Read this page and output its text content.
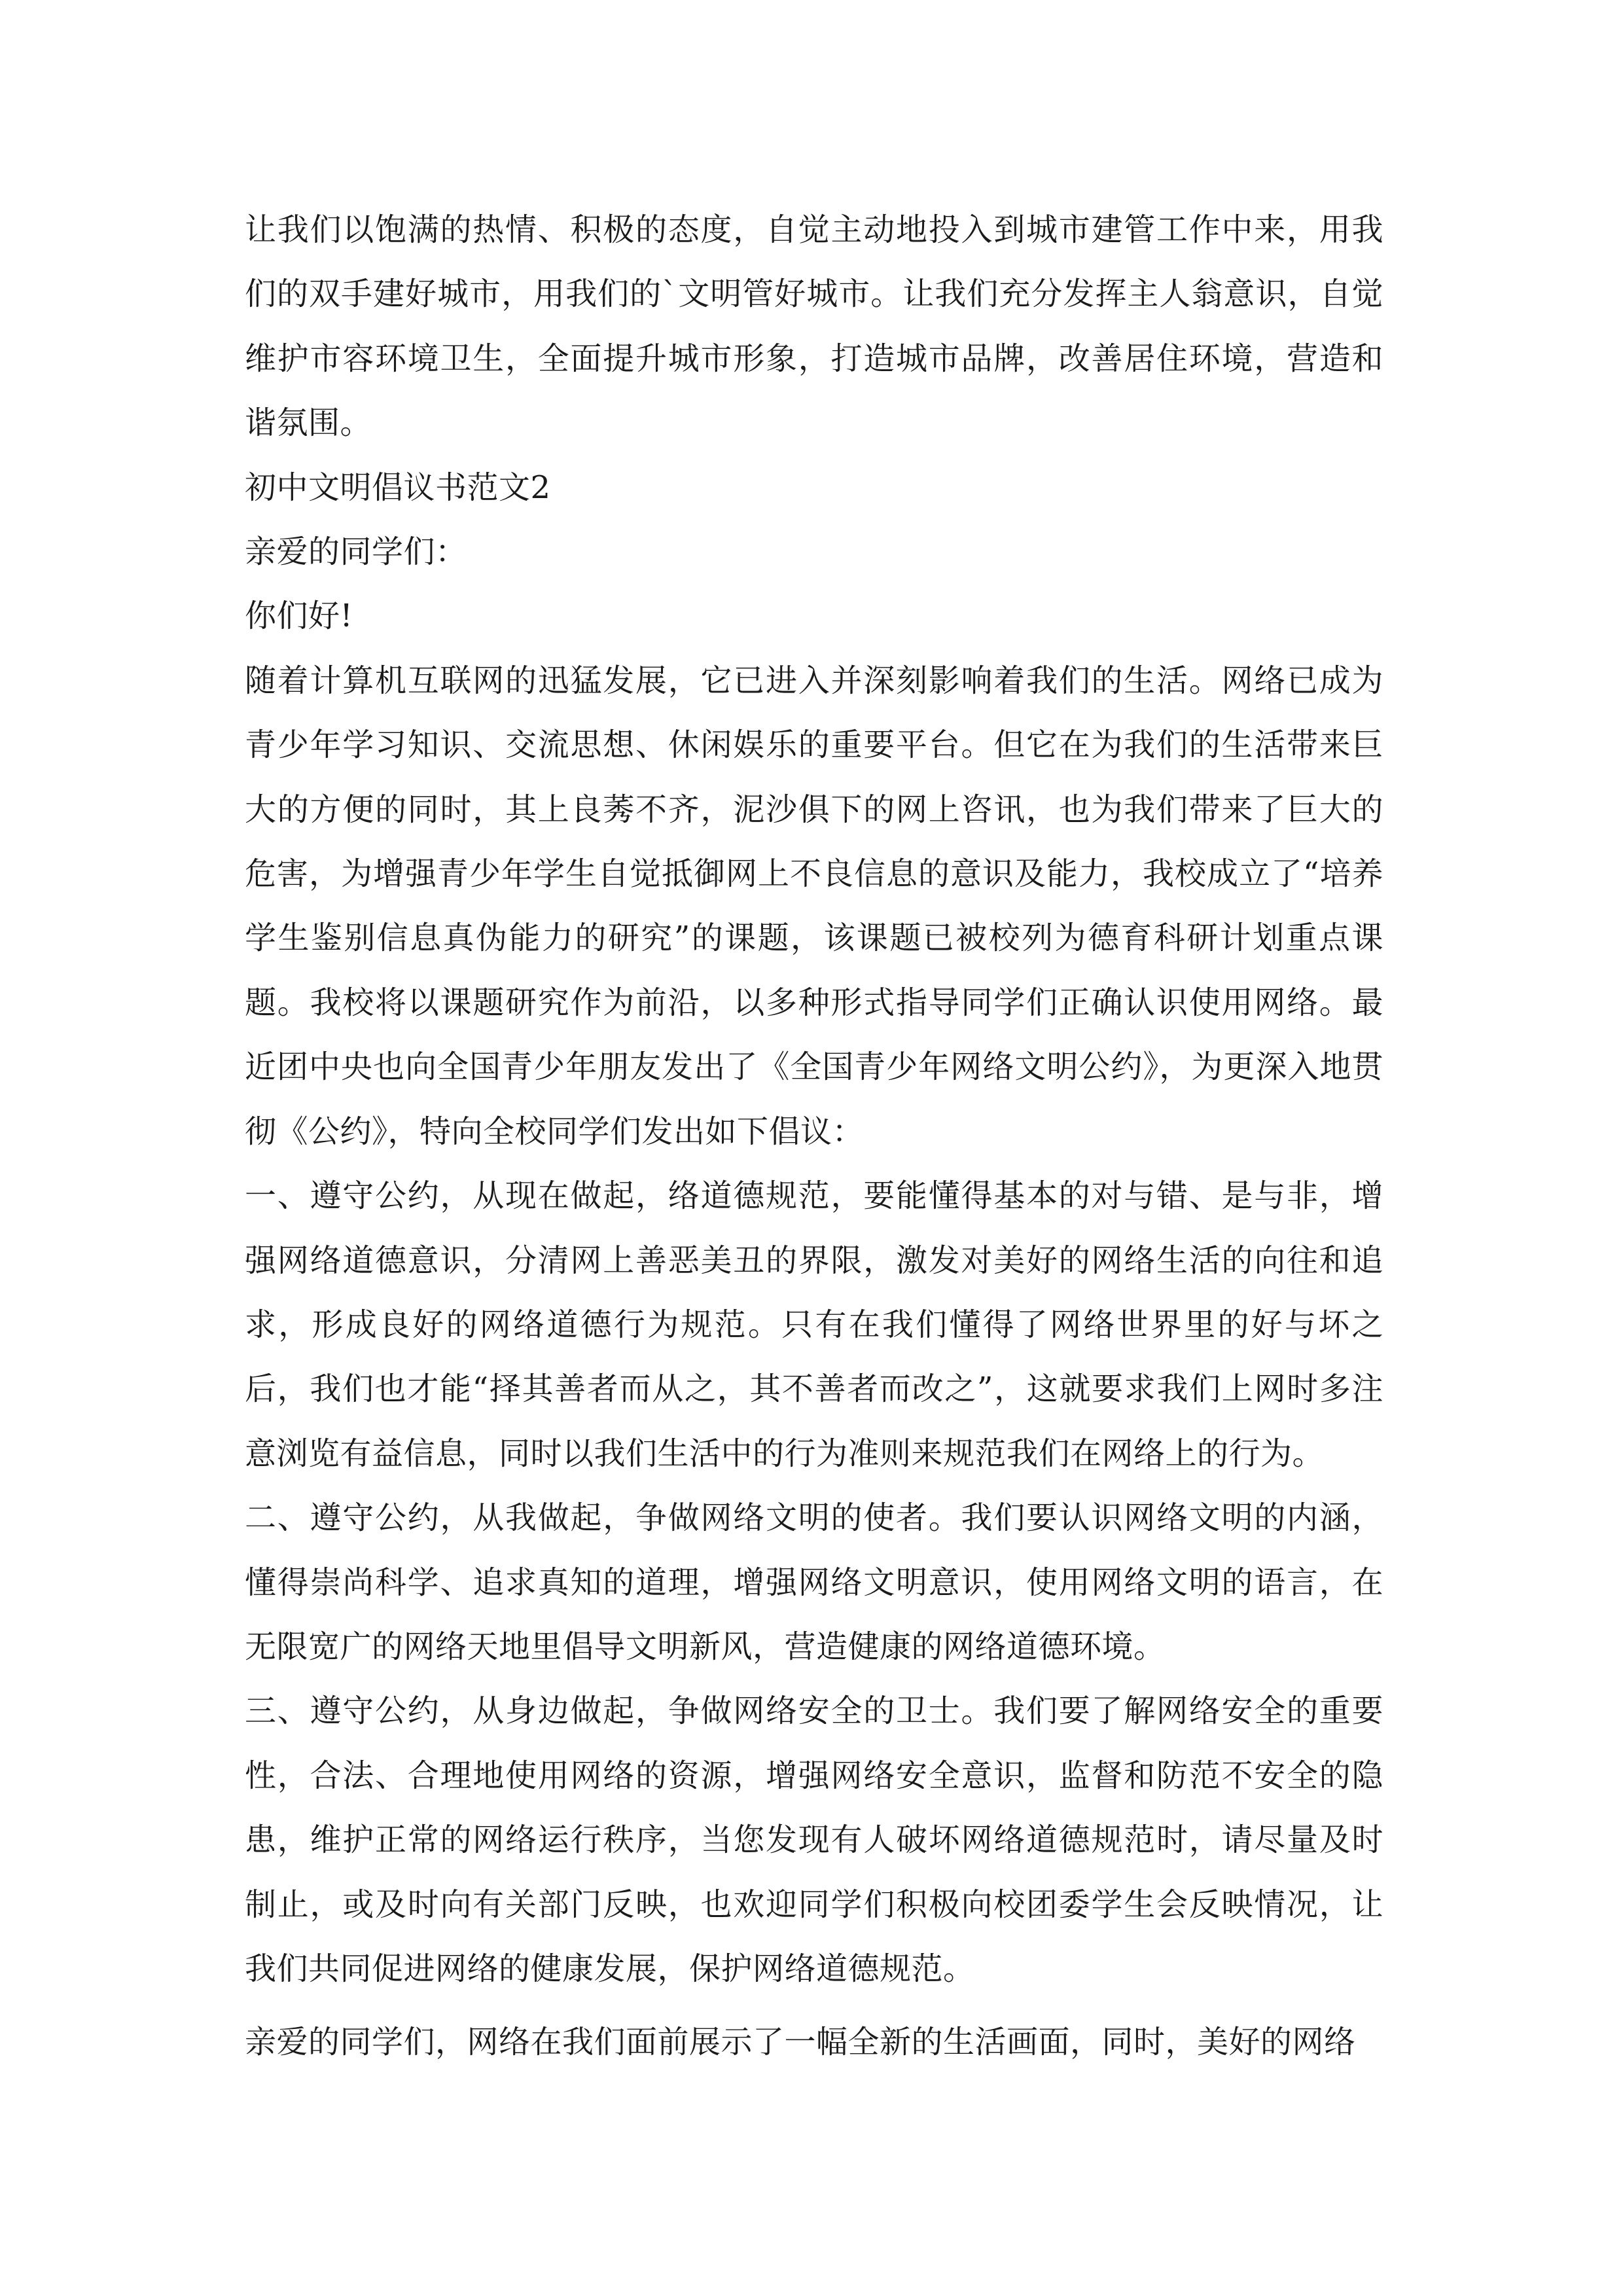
让我们以饱满的热情、积极的态度，自觉主动地投入到城市建管工作中来，用我们的双手建好城市，用我们的`文明管好城市。让我们充分发挥主人翁意识，自觉维护市容环境卫生，全面提升城市形象，打造城市品牌，改善居住环境，营造和谐氛围。

初中文明倡议书范文2

亲爱的同学们：

你们好!

随着计算机互联网的迅猛发展，它已进入并深刻影响着我们的生活。网络已成为青少年学习知识、交流思想、休闲娱乐的重要平台。但它在为我们的生活带来巨大的方便的同时，其上良莠不齐，泥沙俱下的网上咨讯，也为我们带来了巨大的危害，为增强青少年学生自觉抵御网上不良信息的意识及能力，我校成立了“培养学生鉴别信息真伪能力的研究”的课题，该课题已被校列为德育科研计划重点课题。我校将以课题研究作为前沿，以多种形式指导同学们正确认识使用网络。最近团中央也向全国青少年朋友发出了《全国青少年网络文明公约》，为更深入地贯彻《公约》，特向全校同学们发出如下倡议：

一、遵守公约，从现在做起，络道德规范，要能懂得基本的对与错、是与非，增强网络道德意识，分清网上善恶美丑的界限，激发对美好的网络生活的向往和追求，形成良好的网络道德行为规范。只有在我们懂得了网络世界里的好与坏之后，我们也才能“择其善者而从之，其不善者而改之”，这就要求我们上网时多注意浏览有益信息，同时以我们生活中的行为准则来规范我们在网络上的行为。

二、遵守公约，从我做起，争做网络文明的使者。我们要认识网络文明的内涵，懂得崇尚科学、追求真知的道理，增强网络文明意识，使用网络文明的语言，在无限宽广的网络天地里倡导文明新风，营造健康的网络道德环境。

三、遵守公约，从身边做起，争做网络安全的卫士。我们要了解网络安全的重要性，合法、合理地使用网络的资源，增强网络安全意识，监督和防范不安全的隐患，维护正常的网络运行秩序，当您发现有人破坏网络道德规范时，请尽量及时制止，或及时向有关部门反映，也欢迎同学们积极向校团委学生会反映情况，让我们共同促进网络的健康发展，保护网络道德规范。

亲爱的同学们，网络在我们面前展示了一幅全新的生活画面，同时，美好的网络
